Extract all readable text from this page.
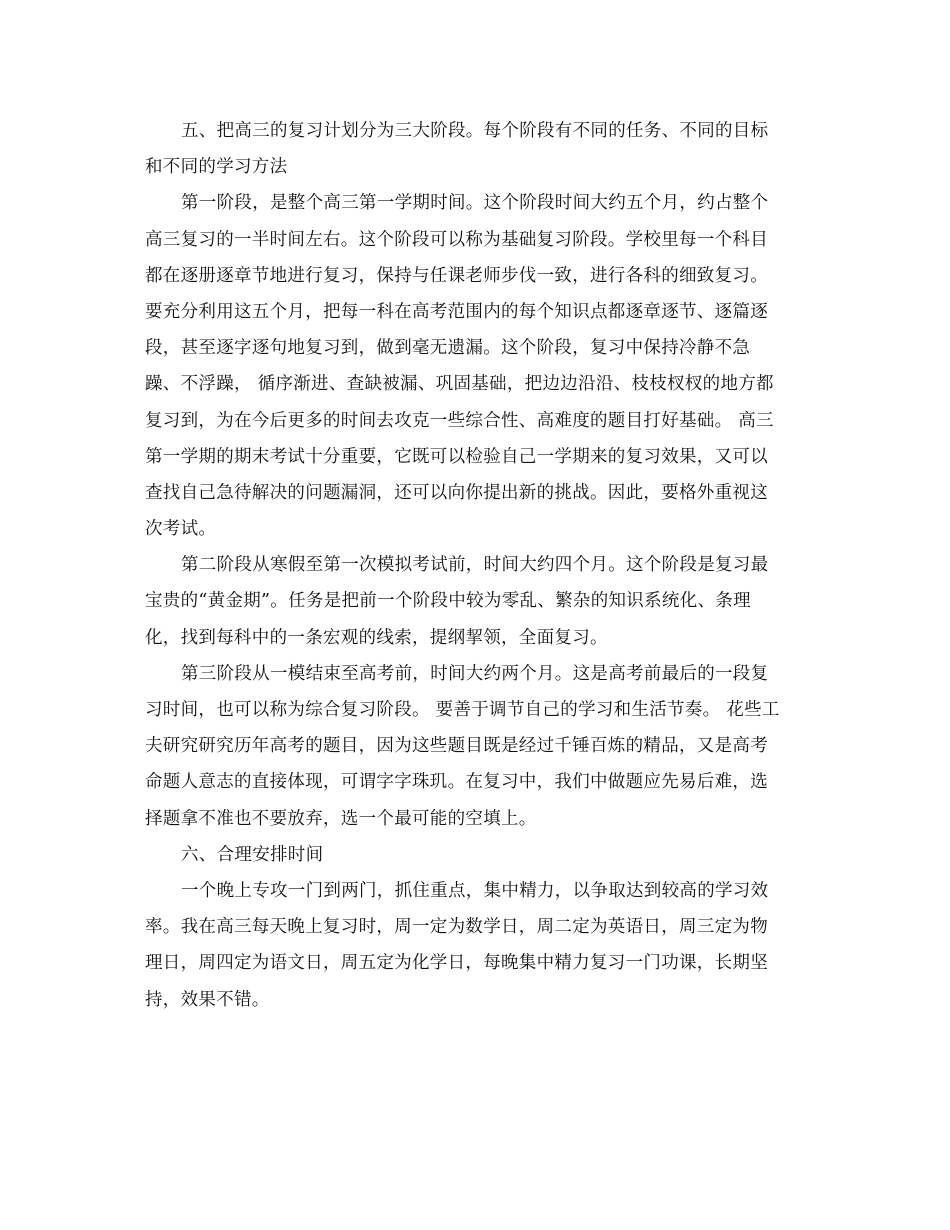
五、把高三的复习计划分为三大阶段。每个阶段有不同的任务、不同的目标
和不同的学习方法
第一阶段，是整个高三第一学期时间。这个阶段时间大约五个月，约占整个
高三复习的一半时间左右。这个阶段可以称为基础复习阶段。学校里每一个科目
都在逐册逐章节地进行复习，保持与任课老师步伐一致，进行各科的细致复习。
要充分利用这五个月，把每一科在高考范围内的每个知识点都逐章逐节、逐篇逐
段，甚至逐字逐句地复习到，做到毫无遗漏。这个阶段，复习中保持冷静不急
躁、不浮躁， 循序渐进、查缺被漏、巩固基础，把边边沿沿、枝枝杈杈的地方都
复习到，为在今后更多的时间去攻克一些综合性、高难度的题目打好基础。 高三
第一学期的期末考试十分重要，它既可以检验自己一学期来的复习效果，又可以
查找自己急待解决的问题漏洞，还可以向你提出新的挑战。因此，要格外重视这
次考试。
第二阶段从寒假至第一次模拟考试前，时间大约四个月。这个阶段是复习最
宝贵的“黄金期”。任务是把前一个阶段中较为零乱、繁杂的知识系统化、条理
化，找到每科中的一条宏观的线索，提纲挈领，全面复习。
第三阶段从一模结束至高考前，时间大约两个月。这是高考前最后的一段复
习时间，也可以称为综合复习阶段。 要善于调节自己的学习和生活节奏。 花些工
夫研究研究历年高考的题目，因为这些题目既是经过千锤百炼的精品，又是高考
命题人意志的直接体现，可谓字字珠玑。在复习中，我们中做题应先易后难，选
择题拿不准也不要放弃，选一个最可能的空填上。
六、合理安排时间
一个晚上专攻一门到两门，抓住重点，集中精力，以争取达到较高的学习效
率。我在高三每天晚上复习时，周一定为数学日，周二定为英语日，周三定为物
理日，周四定为语文日，周五定为化学日，每晚集中精力复习一门功课，长期坚
持，效果不错。
